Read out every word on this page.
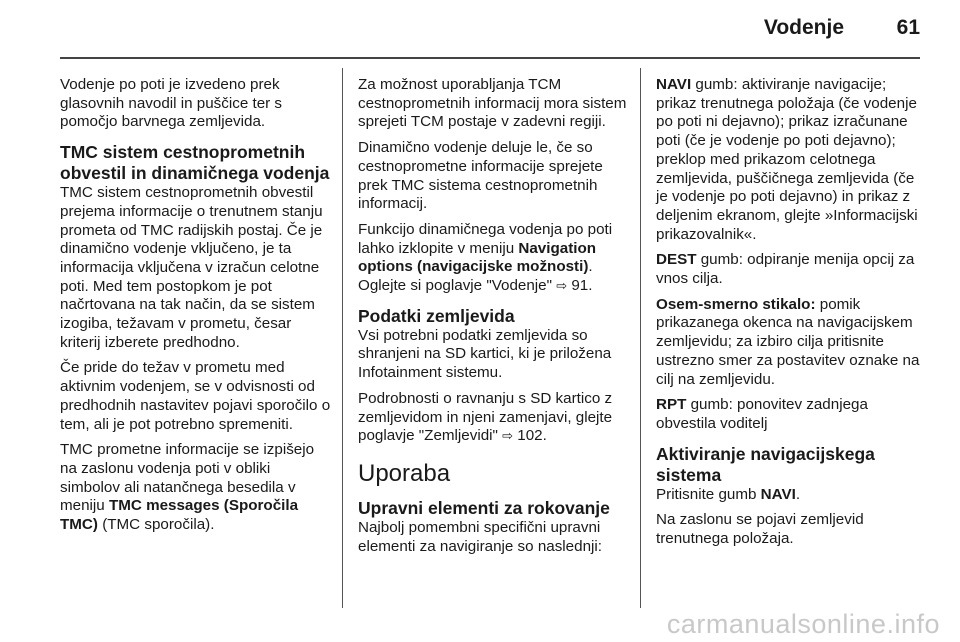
Vodenje	61

Vodenje po poti je izvedeno prek glasovnih navodil in puščice ter s pomočjo barvnega zemljevida.

TMC sistem cestnoprometnih obvestil in dinamičnega vodenja

TMC sistem cestnoprometnih obvestil prejema informacije o trenutnem stanju prometa od TMC radijskih postaj. Če je dinamično vodenje vključeno, je ta informacija vključena v izračun celotne poti. Med tem postopkom je pot načrtovana na tak način, da se sistem izogiba, težavam v prometu, česar kriterij izberete predhodno.

Če pride do težav v prometu med aktivnim vodenjem, se v odvisnosti od predhodnih nastavitev pojavi sporočilo o tem, ali je pot potrebno spremeniti.

TMC prometne informacije se izpišejo na zaslonu vodenja poti v obliki simbolov ali natančnega besedila v meniju TMC messages (Sporočila TMC) (TMC sporočila).

Za možnost uporabljanja TCM cestnoprometnih informacij mora sistem sprejeti TCM postaje v zadevni regiji.

Dinamično vodenje deluje le, če so cestnoprometne informacije sprejete prek TMC sistema cestnoprometnih informacij.

Funkcijo dinamičnega vodenja po poti lahko izklopite v meniju Navigation options (navigacijske možnosti).
Oglejte si poglavje "Vodenje" ⇨ 91.

Podatki zemljevida

Vsi potrebni podatki zemljevida so shranjeni na SD kartici, ki je priložena Infotainment sistemu.

Podrobnosti o ravnanju s SD kartico z zemljevidom in njeni zamenjavi, glejte poglavje "Zemljevidi" ⇨ 102.

Uporaba
Upravni elementi za rokovanje

Najbolj pomembni specifični upravni elementi za navigiranje so naslednji:

NAVI gumb: aktiviranje navigacije; prikaz trenutnega položaja (če vodenje po poti ni dejavno); prikaz izračunane poti (če je vodenje po poti dejavno); preklop med prikazom celotnega zemljevida, puščičnega zemljevida (če je vodenje po poti dejavno) in prikaz z deljenim ekranom, glejte »Informacijski prikazovalnik«.

DEST gumb: odpiranje menija opcij za vnos cilja.

Osem-smerno stikalo: pomik prikazanega okenca na navigacijskem zemljevidu; za izbiro cilja pritisnite ustrezno smer za postavitev oznake na cilj na zemljevidu.

RPT gumb: ponovitev zadnjega obvestila voditelj

Aktiviranje navigacijskega sistema

Pritisnite gumb NAVI.

Na zaslonu se pojavi zemljevid trenutnega položaja.

carmanualsonline.info
